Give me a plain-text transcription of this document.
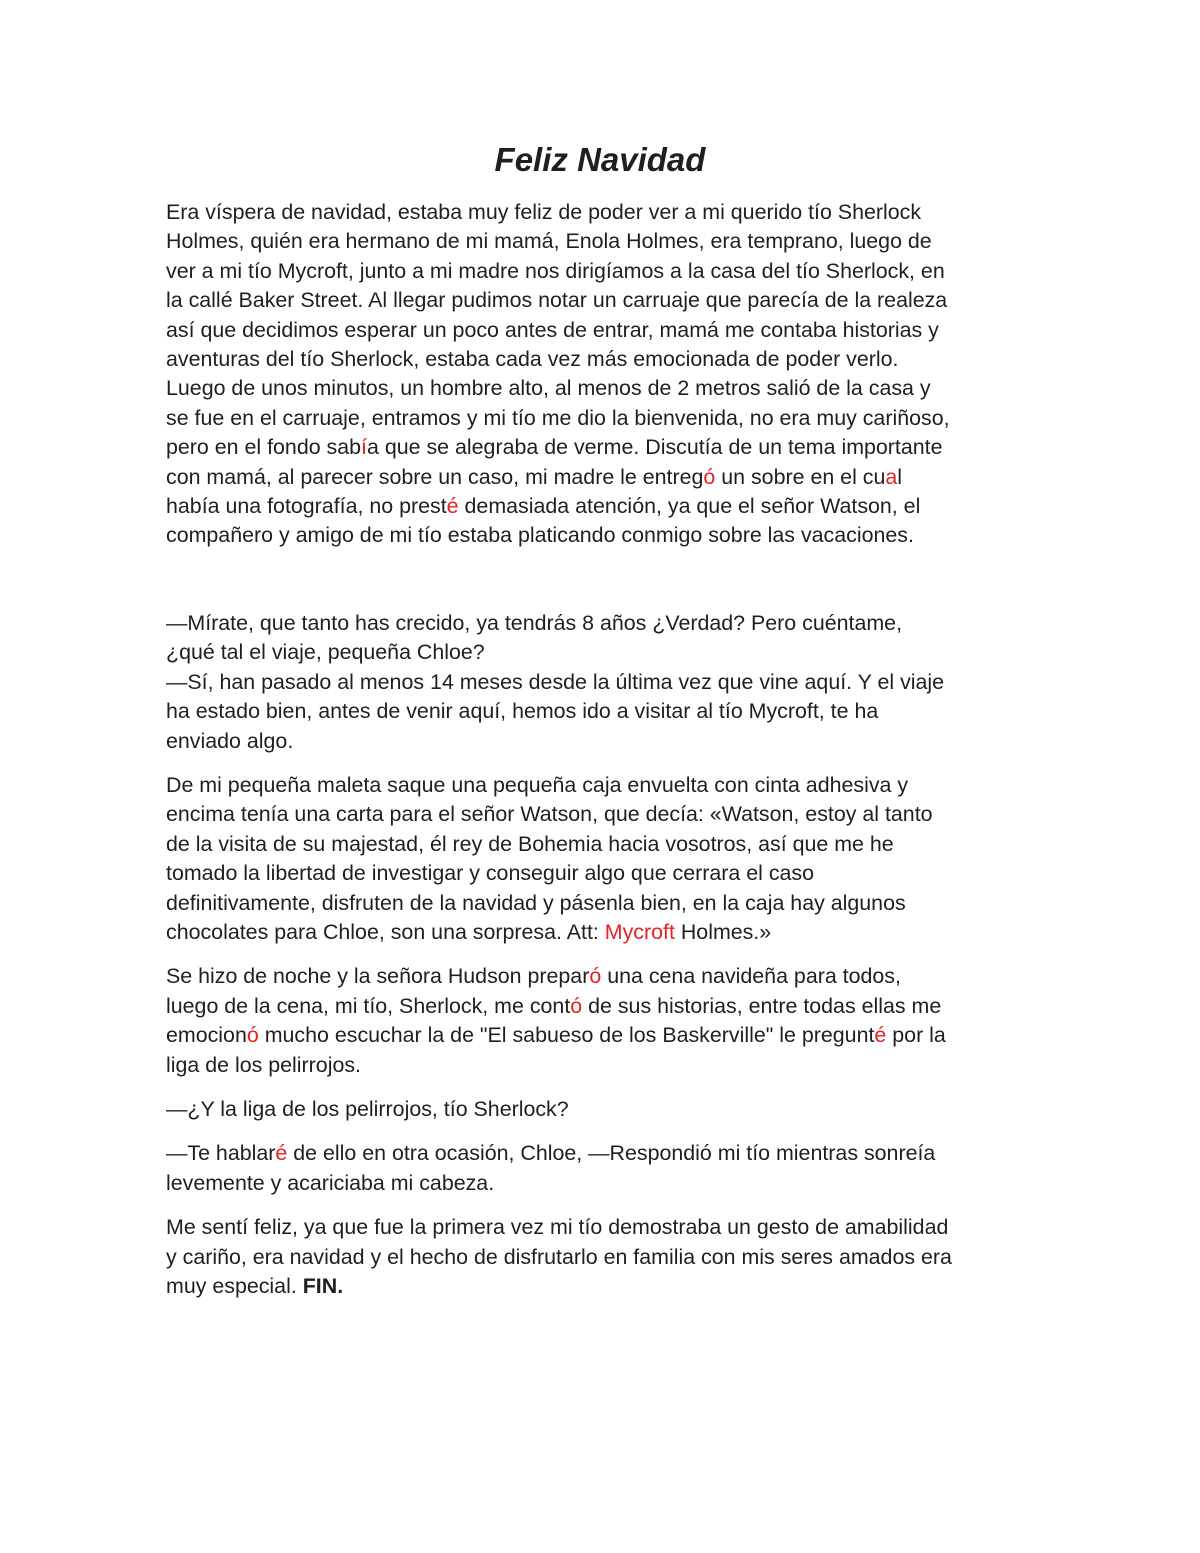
Feliz Navidad

Era víspera de navidad, estaba muy feliz de poder ver a mi querido tío Sherlock
Holmes, quién era hermano de mi mamá, Enola Holmes, era temprano, luego de
ver a mi tío Mycroft, junto a mi madre nos dirigíamos a la casa del tío Sherlock, en
la callé Baker Street. Al llegar pudimos notar un carruaje que parecía de la realeza
así que decidimos esperar un poco antes de entrar, mamá me contaba historias y
aventuras del tío Sherlock, estaba cada vez más emocionada de poder verlo.
Luego de unos minutos, un hombre alto, al menos de 2 metros salió de la casa y
se fue en el carruaje, entramos y mi tío me dio la bienvenida, no era muy cariñoso,
pero en el fondo sabía que se alegraba de verme. Discutía de un tema importante
con mamá, al parecer sobre un caso, mi madre le entregó un sobre en el cual
había una fotografía, no presté demasiada atención, ya que el señor Watson, el
compañero y amigo de mi tío estaba platicando conmigo sobre las vacaciones.

—Mírate, que tanto has crecido, ya tendrás 8 años ¿Verdad? Pero cuéntame,
¿qué tal el viaje, pequeña Chloe?
—Sí, han pasado al menos 14 meses desde la última vez que vine aquí. Y el viaje
ha estado bien, antes de venir aquí, hemos ido a visitar al tío Mycroft, te ha
enviado algo.

De mi pequeña maleta saque una pequeña caja envuelta con cinta adhesiva y
encima tenía una carta para el señor Watson, que decía: «Watson, estoy al tanto
de la visita de su majestad, él rey de Bohemia hacia vosotros, así que me he
tomado la libertad de investigar y conseguir algo que cerrara el caso
definitivamente, disfruten de la navidad y pásenla bien, en la caja hay algunos
chocolates para Chloe, son una sorpresa. Att: Mycroft Holmes.»

Se hizo de noche y la señora Hudson preparó una cena navideña para todos,
luego de la cena, mi tío, Sherlock, me contó de sus historias, entre todas ellas me
emocionó mucho escuchar la de "El sabueso de los Baskerville" le pregunté por la
liga de los pelirrojos.

—¿Y la liga de los pelirrojos, tío Sherlock?

—Te hablaré de ello en otra ocasión, Chloe, —Respondió mi tío mientras sonreía
levemente y acariciaba mi cabeza.

Me sentí feliz, ya que fue la primera vez mi tío demostraba un gesto de amabilidad
y cariño, era navidad y el hecho de disfrutarlo en familia con mis seres amados era
muy especial. FIN.
